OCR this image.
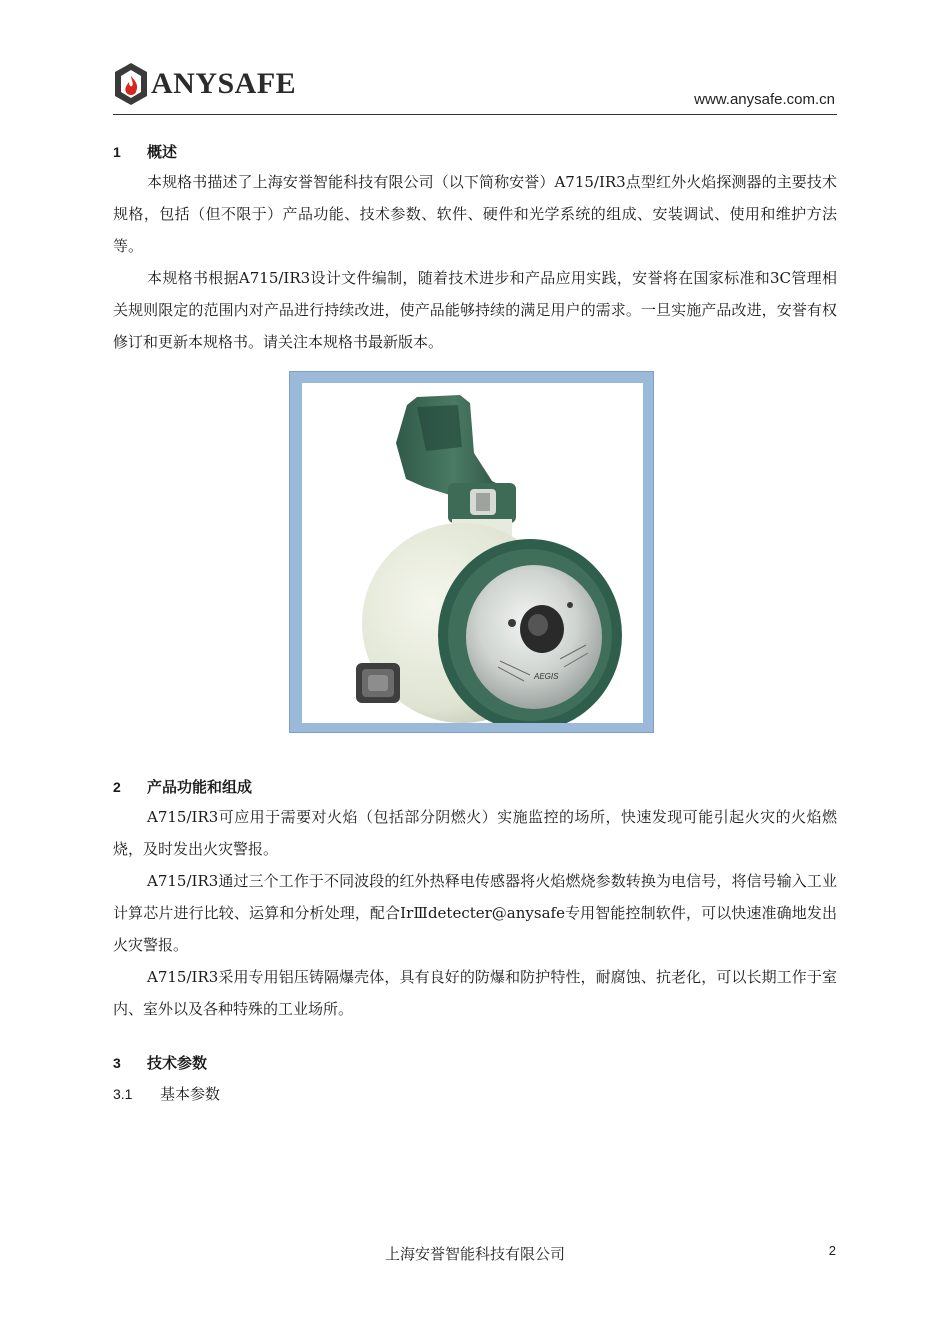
ANYSAFE	www.anysafe.com.cn
1	概述

本规格书描述了上海安誉智能科技有限公司（以下简称安誉）A715/IR3点型红外火焰探测器的主要技术规格，包括（但不限于）产品功能、技术参数、软件、硬件和光学系统的组成、安装调试、使用和维护方法等。

本规格书根据A715/IR3设计文件编制，随着技术进步和产品应用实践，安誉将在国家标准和3C管理相关规则限定的范围内对产品进行持续改进，使产品能够持续的满足用户的需求。一旦实施产品改进，安誉有权修订和更新本规格书。请关注本规格书最新版本。

2	产品功能和组成

A715/IR3可应用于需要对火焰（包括部分阴燃火）实施监控的场所，快速发现可能引起火灾的火焰燃烧，及时发出火灾警报。

A715/IR3通过三个工作于不同波段的红外热释电传感器将火焰燃烧参数转换为电信号，将信号输入工业计算芯片进行比较、运算和分析处理，配合IrⅢdetecter@anysafe专用智能控制软件，可以快速准确地发出火灾警报。

A715/IR3采用专用铝压铸隔爆壳体，具有良好的防爆和防护特性，耐腐蚀、抗老化，可以长期工作于室内、室外以及各种特殊的工业场所。

3	技术参数
3.1	基本参数
AEGIS
上海安誉智能科技有限公司	2
